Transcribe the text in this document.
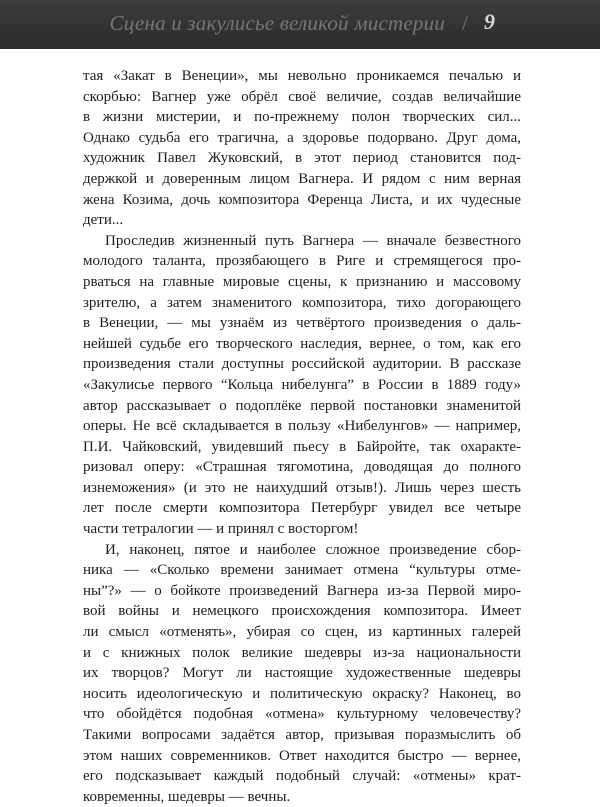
Сцена и закулисье великой мистерии / 9
тая «Закат в Венеции», мы невольно проникаемся печалью и
скорбью: Вагнер уже обрёл своё величие, создав величайшие
в жизни мистерии, и по-прежнему полон творческих сил...
Однако судьба его трагична, а здоровье подорвано. Друг дома,
художник Павел Жуковский, в этот период становится под-
держкой и доверенным лицом Вагнера. И рядом с ним верная
жена Козима, дочь композитора Ференца Листа, и их чудесные
дети...
Проследив жизненный путь Вагнера — вначале безвестного
молодого таланта, прозябающего в Риге и стремящегося про-
рваться на главные мировые сцены, к признанию и массовому
зрителю, а затем знаменитого композитора, тихо догорающего
в Венеции, — мы узнаём из четвёртого произведения о даль-
нейшей судьбе его творческого наследия, вернее, о том, как его
произведения стали доступны российской аудитории. В рассказе
«Закулисье первого “Кольца нибелунга” в России в 1889 году»
автор рассказывает о подоплёке первой постановки знаменитой
оперы. Не всё складывается в пользу «Нибелунгов» — например,
П.И. Чайковский, увидевший пьесу в Байройте, так охаракте-
ризовал оперу: «Страшная тягомотина, доводящая до полного
изнеможения» (и это не наихудший отзыв!). Лишь через шесть
лет после смерти композитора Петербург увидел все четыре
части тетралогии — и принял с восторгом!
И, наконец, пятое и наиболее сложное произведение сбор-
ника — «Сколько времени занимает отмена “культуры отме-
ны”?» — о бойкоте произведений Вагнера из-за Первой миро-
вой войны и немецкого происхождения композитора. Имеет
ли смысл «отменять», убирая со сцен, из картинных галерей
и с книжных полок великие шедевры из-за национальности
их творцов? Могут ли настоящие художественные шедевры
носить идеологическую и политическую окраску? Наконец, во
что обойдётся подобная «отмена» культурному человечеству?
Такими вопросами задаётся автор, призывая поразмыслить об
этом наших современников. Ответ находится быстро — вернее,
его подсказывает каждый подобный случай: «отмены» крат-
ковременны, шедевры — вечны.
